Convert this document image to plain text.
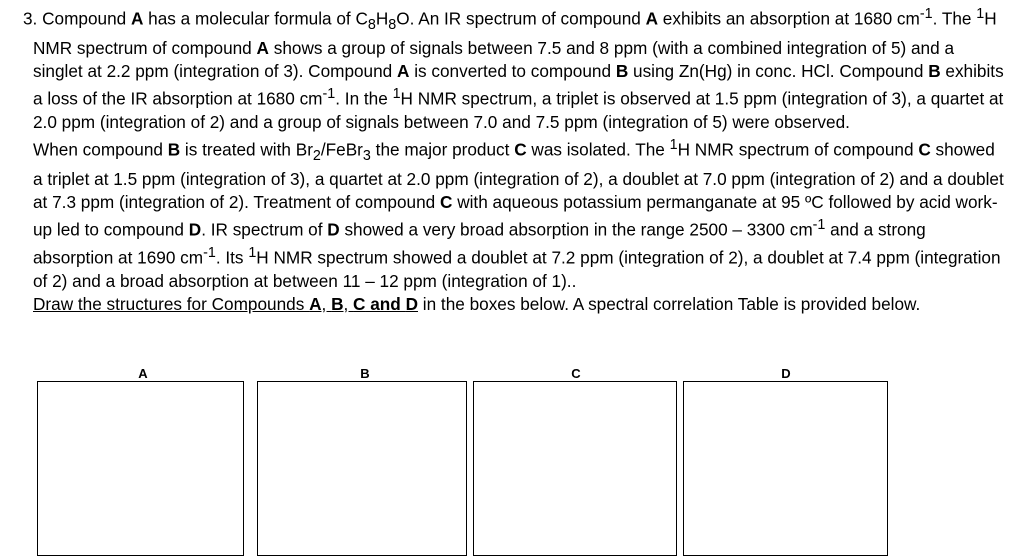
3. Compound A has a molecular formula of $C_8H_8O$. An IR spectrum of compound A exhibits an absorption at 1680 $cm^{-1}$. The $^1$H NMR spectrum of compound A shows a group of signals between 7.5 and 8 ppm (with a combined integration of 5) and a singlet at 2.2 ppm (integration of 3). Compound A is converted to compound B using Zn(Hg) in conc. HCl. Compound B exhibits a loss of the IR absorption at 1680 $cm^{-1}$. In the $^1$H NMR spectrum, a triplet is observed at 1.5 ppm (integration of 3), a quartet at 2.0 ppm (integration of 2) and a group of signals between 7.0 and 7.5 ppm (integration of 5) were observed.

When compound B is treated with $Br_2/FeBr_3$ the major product C was isolated. The $^1$H NMR spectrum of compound C showed a triplet at 1.5 ppm (integration of 3), a quartet at 2.0 ppm (integration of 2), a doublet at 7.0 ppm (integration of 2) and a doublet at 7.3 ppm (integration of 2). Treatment of compound C with aqueous potassium permanganate at 95 ºC followed by acid work-up led to compound D. IR spectrum of D showed a very broad absorption in the range 2500 – 3300 $cm^{-1}$ and a strong absorption at 1690 $cm^{-1}$. Its $^1$H NMR spectrum showed a doublet at 7.2 ppm (integration of 2), a doublet at 7.4 ppm (integration of 2) and a broad absorption at between 11 – 12 ppm (integration of 1)..

Draw the structures for Compounds A, B, C and D in the boxes below. A spectral correlation Table is provided below.

A	B	C	D
